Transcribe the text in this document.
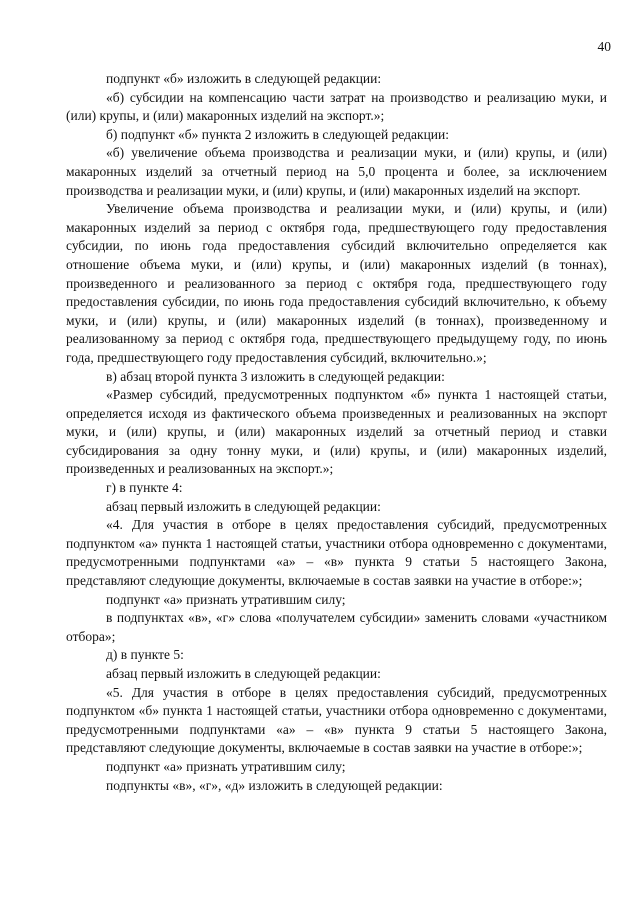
40

подпункт «б» изложить в следующей редакции:

«б) субсидии на компенсацию части затрат на производство и реализацию муки, и (или) крупы, и (или) макаронных изделий на экспорт.»;

б) подпункт «б» пункта 2 изложить в следующей редакции:

«б) увеличение объема производства и реализации муки, и (или) крупы, и (или) макаронных изделий за отчетный период на 5,0 процента и более, за исключением производства и реализации муки, и (или) крупы, и (или) макаронных изделий на экспорт.

Увеличение объема производства и реализации муки, и (или) крупы, и (или) макаронных изделий за период с октября года, предшествующего году предоставления субсидии, по июнь года предоставления субсидий включительно определяется как отношение объема муки, и (или) крупы, и (или) макаронных изделий (в тоннах), произведенного и реализованного за период с октября года, предшествующего году предоставления субсидии, по июнь года предоставления субсидий включительно, к объему муки, и (или) крупы, и (или) макаронных изделий (в тоннах), произведенному и реализованному за период с октября года, предшествующего предыдущему году, по июнь года, предшествующего году предоставления субсидий, включительно.»;

в) абзац второй пункта 3 изложить в следующей редакции:

«Размер субсидий, предусмотренных подпунктом «б» пункта 1 настоящей статьи, определяется исходя из фактического объема произведенных и реализованных на экспорт муки, и (или) крупы, и (или) макаронных изделий за отчетный период и ставки субсидирования за одну тонну муки, и (или) крупы, и (или) макаронных изделий, произведенных и реализованных на экспорт.»;

г) в пункте 4:

абзац первый изложить в следующей редакции:

«4. Для участия в отборе в целях предоставления субсидий, предусмотренных подпунктом «а» пункта 1 настоящей статьи, участники отбора одновременно с документами, предусмотренными подпунктами «а» – «в» пункта 9 статьи 5 настоящего Закона, представляют следующие документы, включаемые в состав заявки на участие в отборе:»;

подпункт «а» признать утратившим силу;

в подпунктах «в», «г» слова «получателем субсидии» заменить словами «участником отбора»;

д) в пункте 5:

абзац первый изложить в следующей редакции:

«5. Для участия в отборе в целях предоставления субсидий, предусмотренных подпунктом «б» пункта 1 настоящей статьи, участники отбора одновременно с документами, предусмотренными подпунктами «а» – «в» пункта 9 статьи 5 настоящего Закона, представляют следующие документы, включаемые в состав заявки на участие в отборе:»;

подпункт «а» признать утратившим силу;

подпункты «в», «г», «д» изложить в следующей редакции:
